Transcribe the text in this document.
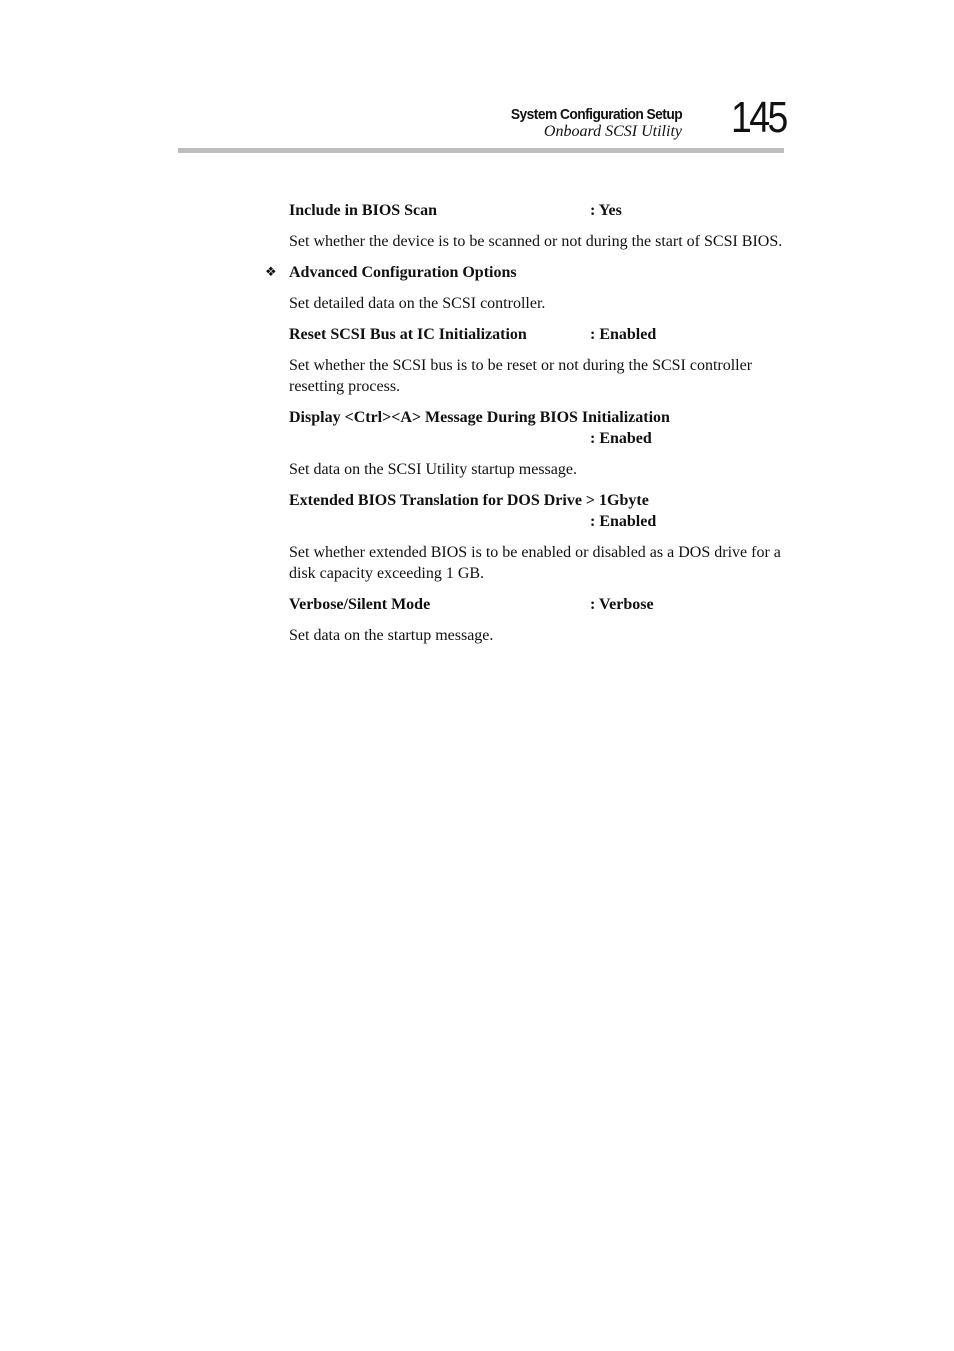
System Configuration Setup
Onboard SCSI Utility 145
Include in BIOS Scan	: Yes

Set whether the device is to be scanned or not during the start of SCSI BIOS.

❖ Advanced Configuration Options

Set detailed data on the SCSI controller.

Reset SCSI Bus at IC Initialization	: Enabled

Set whether the SCSI bus is to be reset or not during the SCSI controller resetting process.

Display <Ctrl><A> Message During BIOS Initialization
: Enabed

Set data on the SCSI Utility startup message.

Extended BIOS Translation for DOS Drive > 1Gbyte
: Enabled

Set whether extended BIOS is to be enabled or disabled as a DOS drive for a disk capacity exceeding 1 GB.

Verbose/Silent Mode	: Verbose

Set data on the startup message.
